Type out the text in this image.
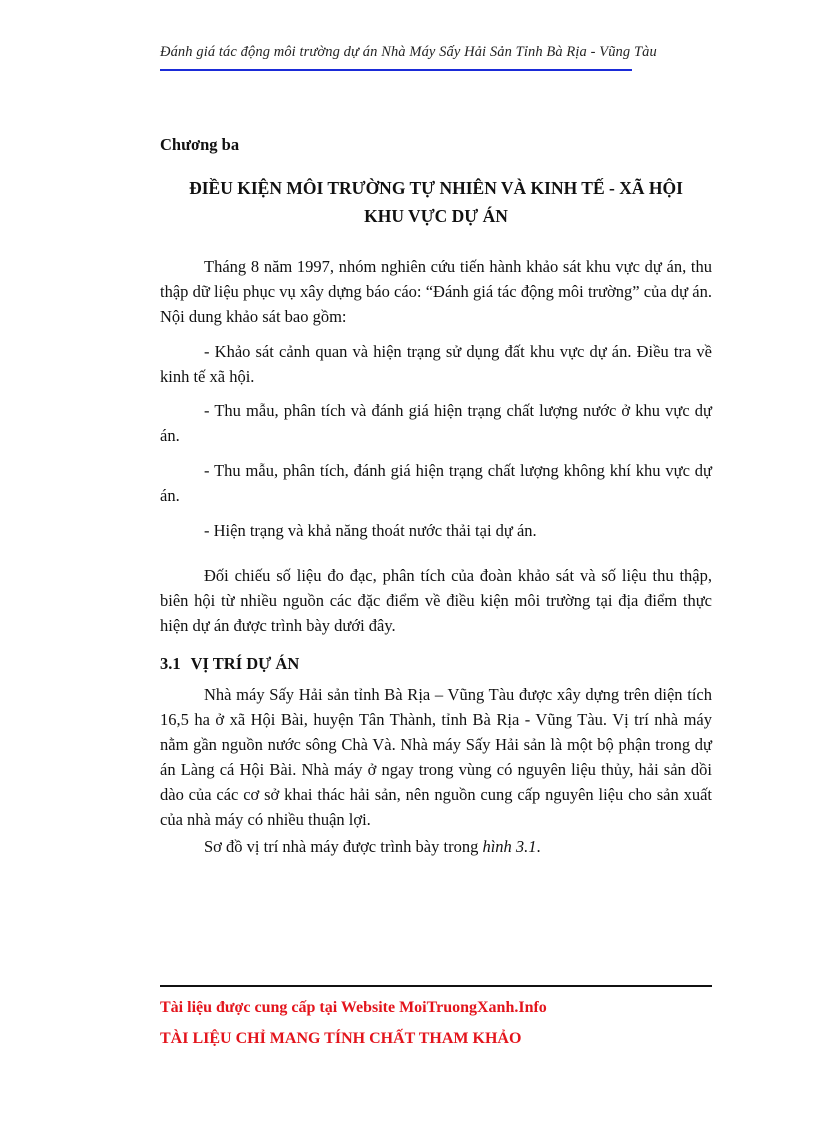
Đánh giá tác động môi trường dự án Nhà Máy Sấy Hải Sản Tỉnh Bà Rịa - Vũng Tàu
Chương ba
ĐIỀU KIỆN MÔI TRƯỜNG TỰ NHIÊN VÀ KINH TẾ - XÃ HỘI
KHU VỰC DỰ ÁN
Tháng 8 năm 1997, nhóm nghiên cứu tiến hành khảo sát khu vực dự án, thu thập dữ liệu phục vụ xây dựng báo cáo: “Đánh giá tác động môi trường” của dự án. Nội dung khảo sát bao gồm:
- Khảo sát cảnh quan và hiện trạng sử dụng đất khu vực dự án. Điều tra về kinh tế xã hội.
- Thu mẫu, phân tích và đánh giá hiện trạng chất lượng nước ở khu vực dự án.
- Thu mẫu, phân tích, đánh giá hiện trạng chất lượng không khí khu vực dự án.
- Hiện trạng và khả năng thoát nước thải tại dự án.
Đối chiếu số liệu đo đạc, phân tích của đoàn khảo sát và số liệu thu thập, biên hội từ nhiều nguồn các đặc điểm về điều kiện môi trường tại địa điểm thực hiện dự án được trình bày dưới đây.
3.1 VỊ TRÍ DỰ ÁN
Nhà máy Sấy Hải sản tỉnh Bà Rịa – Vũng Tàu được xây dựng trên diện tích 16,5 ha ở xã Hội Bài, huyện Tân Thành, tỉnh Bà Rịa - Vũng Tàu. Vị trí nhà máy nằm gần nguồn nước sông Chà Và. Nhà máy Sấy Hải sản là một bộ phận trong dự án Làng cá Hội Bài. Nhà máy ở ngay trong vùng có nguyên liệu thủy, hải sản dồi dào của các cơ sở khai thác hải sản, nên nguồn cung cấp nguyên liệu cho sản xuất của nhà máy có nhiều thuận lợi.
Sơ đồ vị trí nhà máy được trình bày trong hình 3.1.
Tài liệu được cung cấp tại Website MoiTruongXanh.Info
TÀI LIỆU CHỈ MANG TÍNH CHẤT THAM KHẢO
